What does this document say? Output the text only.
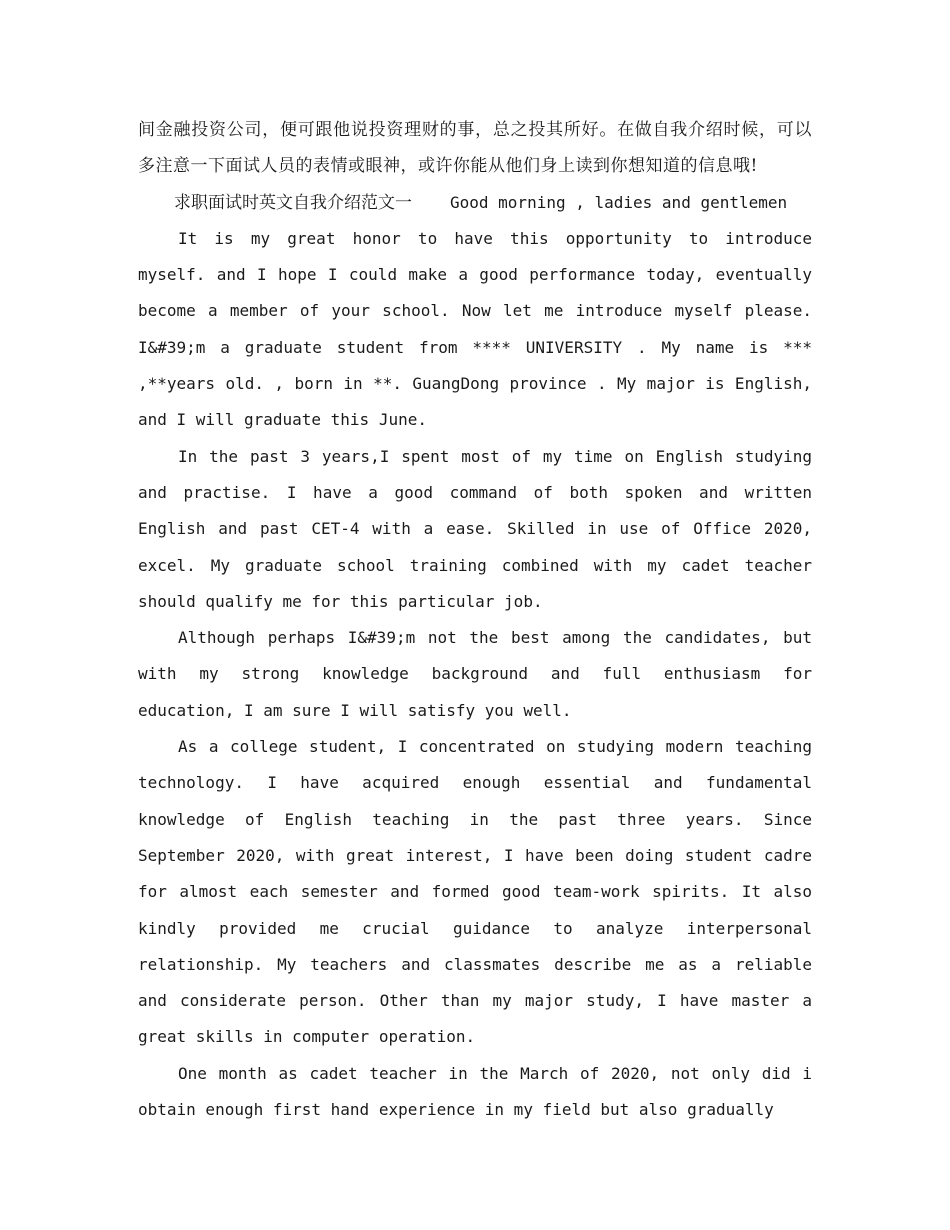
间金融投资公司，便可跟他说投资理财的事，总之投其所好。在做自我介绍时候，可以多注意一下面试人员的表情或眼神，或许你能从他们身上读到你想知道的信息哦!

求职面试时英文自我介绍范文一 Good morning , ladies and gentlemen

It is my great honor to have this opportunity to introduce myself. and I hope I could make a good performance today, eventually become a member of your school. Now let me introduce myself please. I&#39;m a graduate student from **** UNIVERSITY . My name is *** ,**years old. , born in **. GuangDong province . My major is English, and I will graduate this June.

In the past 3 years,I spent most of my time on English studying and practise. I have a good command of both spoken and written English and past CET-4 with a ease. Skilled in use of Office 2020, excel. My graduate school training combined with my cadet teacher should qualify me for this particular job.

Although perhaps I&#39;m not the best among the candidates, but with my strong knowledge background and full enthusiasm for education, I am sure I will satisfy you well.

As a college student, I concentrated on studying modern teaching technology. I have acquired enough essential and fundamental knowledge of English teaching in the past three years. Since September 2020, with great interest, I have been doing student cadre for almost each semester and formed good team-work spirits. It also kindly provided me crucial guidance to analyze interpersonal relationship. My teachers and classmates describe me as a reliable and considerate person. Other than my major study, I have master a great skills in computer operation.

One month as cadet teacher in the March of 2020, not only did i obtain enough first hand experience in my field but also gradually
